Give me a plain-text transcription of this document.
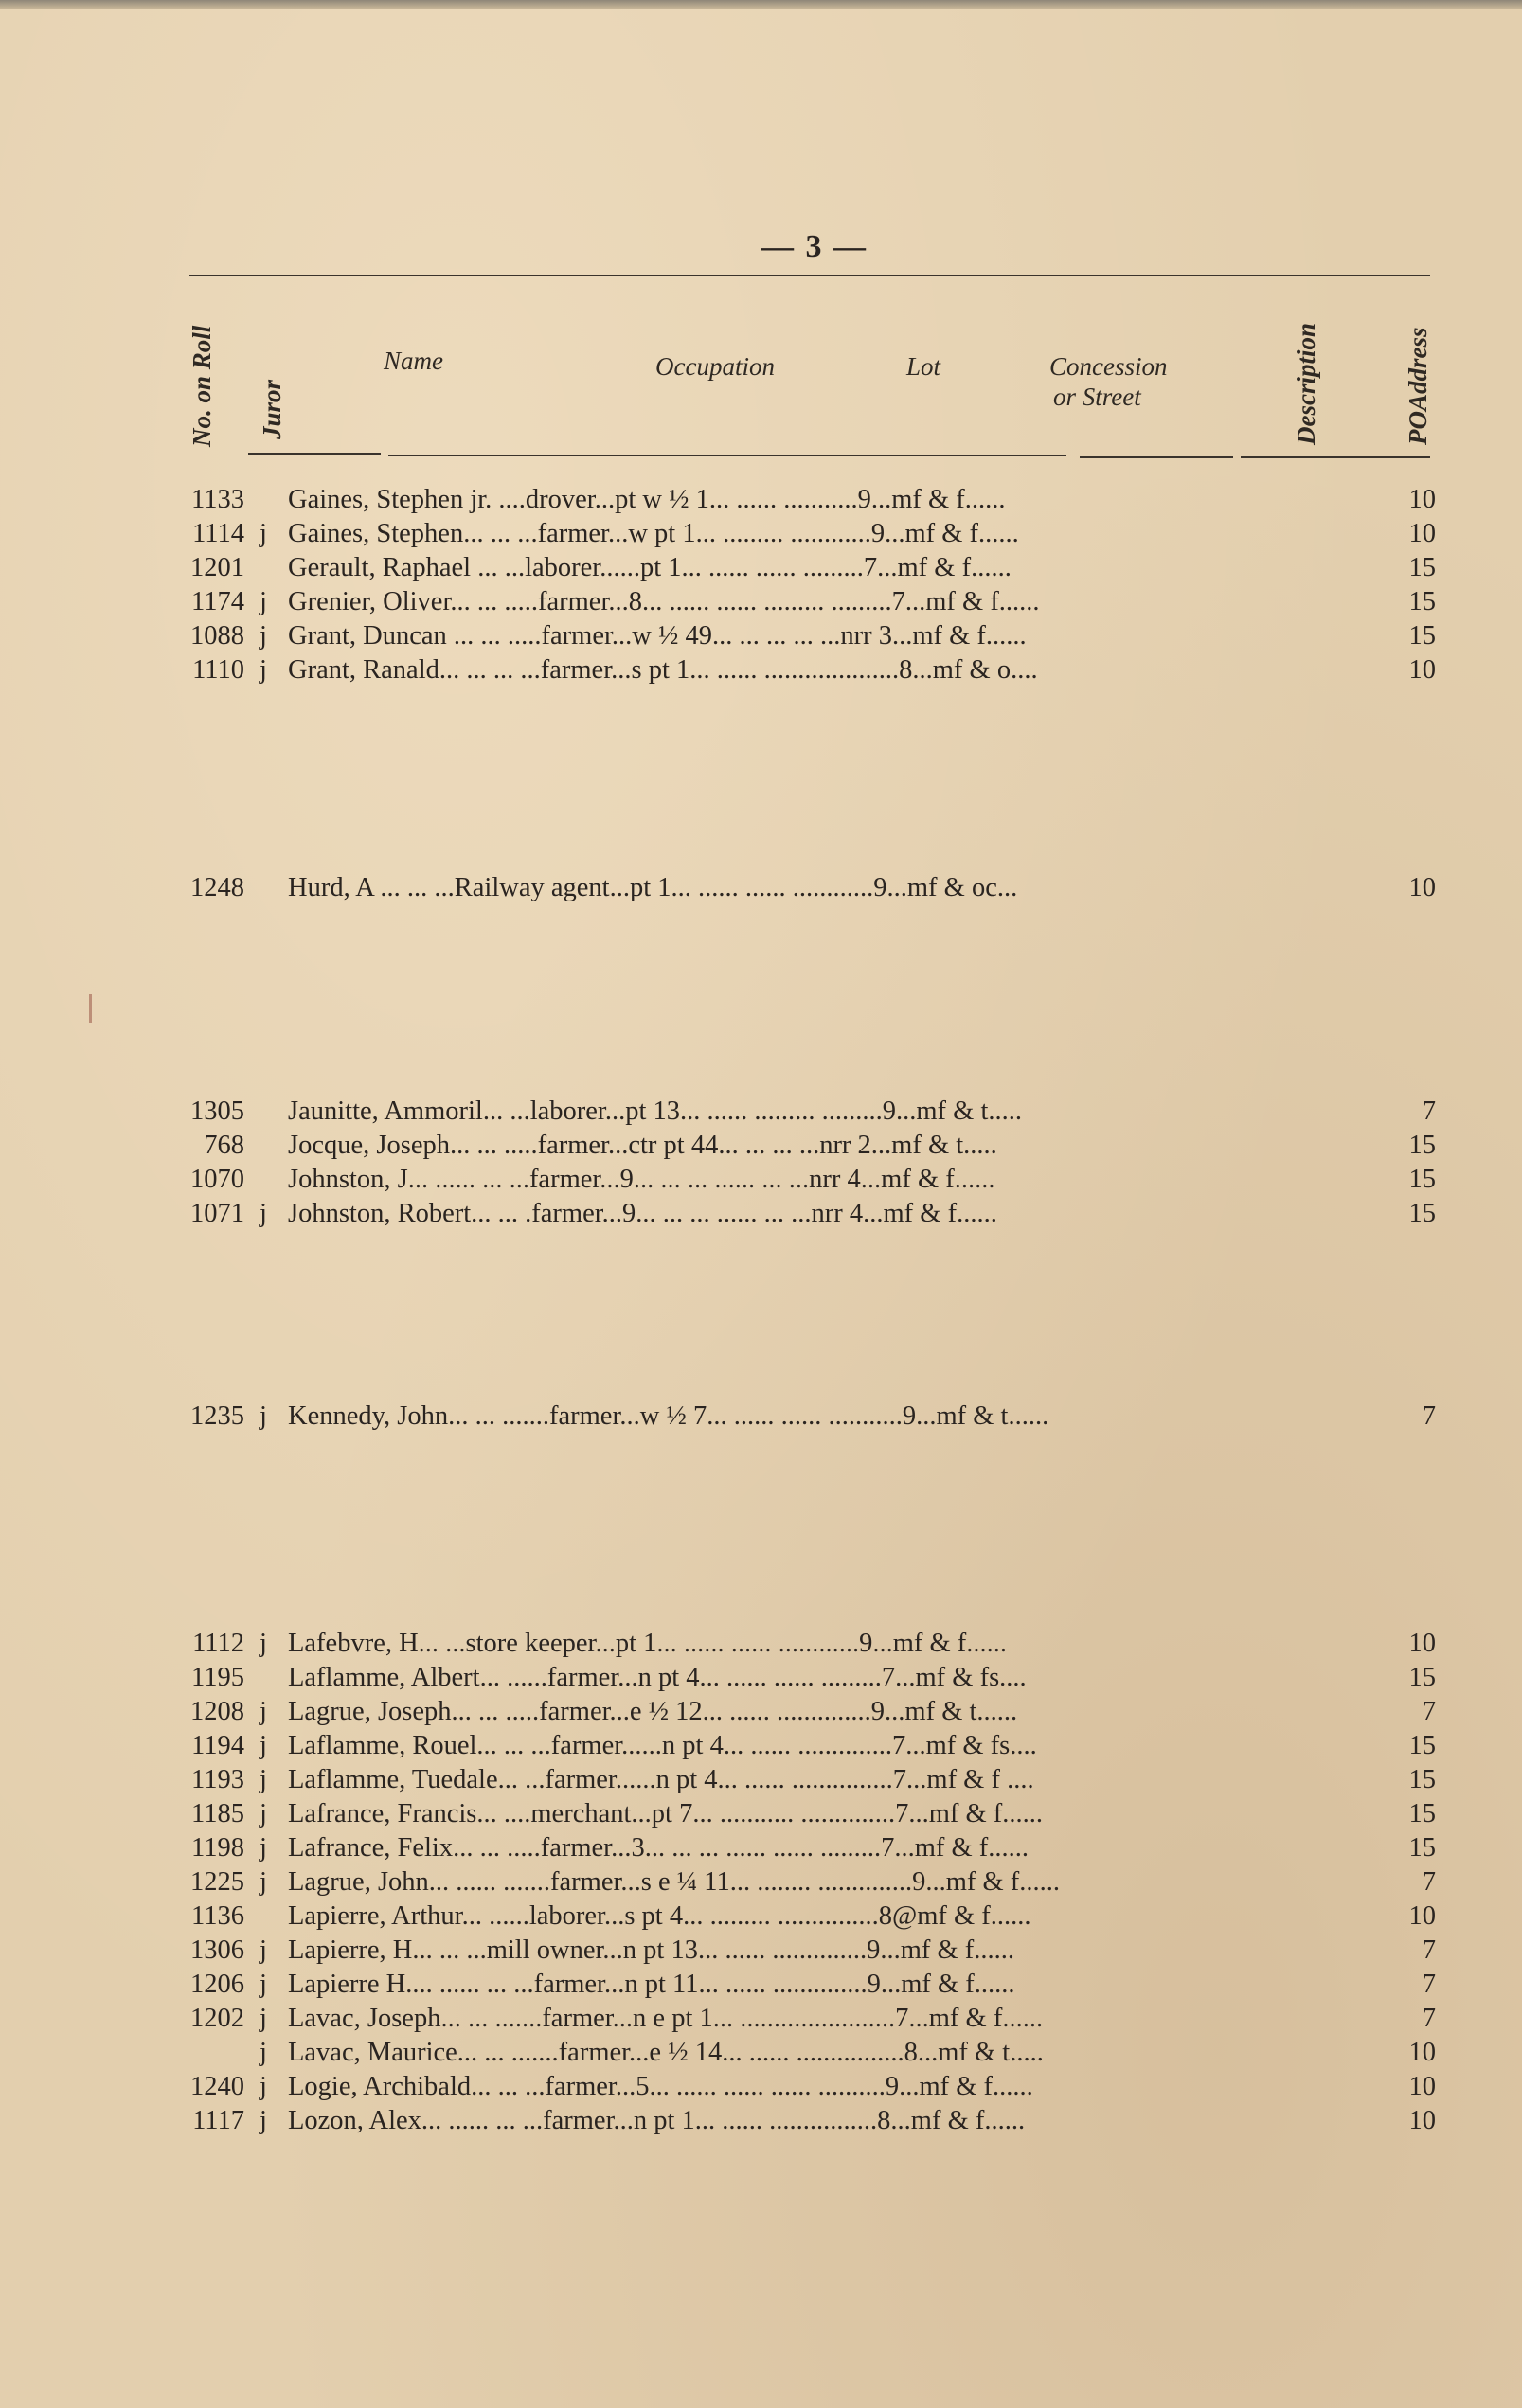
— 3 —
No. on Roll Juror
Name	Occupation	Lot	Concession
or Street	Description	POAddress
1133 Gaines, Stephen jr. ....drover...pt w ½ 1... ...... ...........9...mf & f......	10
1114 j Gaines, Stephen... ... ...farmer...w pt 1... ......... ............9...mf & f......	10
1201 Gerault, Raphael ... ...laborer......pt 1... ...... ...... .........7...mf & f......	15
1174 j Grenier, Oliver... ... .....farmer...8... ...... ...... ......... .........7...mf & f......	15
1088 j Grant, Duncan ... ... .....farmer...w ½ 49... ... ... ... ...nrr 3...mf & f......	15
1110 j Grant, Ranald... ... ... ...farmer...s pt 1... ...... ....................8...mf & o....	10
1248 Hurd, A ... ... ...Railway agent...pt 1... ...... ...... ............9...mf & oc...	10
1305 Jaunitte, Ammoril... ...laborer...pt 13... ...... ......... .........9...mf & t.....	7
768 Jocque, Joseph... ... .....farmer...ctr pt 44... ... ... ...nrr 2...mf & t.....	15
1070 Johnston, J... ...... ... ...farmer...9... ... ... ...... ... ...nrr 4...mf & f......	15
1071 j Johnston, Robert... ... .farmer...9... ... ... ...... ... ...nrr 4...mf & f......	15
1235 j Kennedy, John... ... .......farmer...w ½ 7... ...... ...... ...........9...mf & t......	7
1112 j Lafebvre, H... ...store keeper...pt 1... ...... ...... ............9...mf & f......	10
1195 Laflamme, Albert... ......farmer...n pt 4... ...... ...... .........7...mf & fs....	15
1208 j Lagrue, Joseph... ... .....farmer...e ½ 12... ...... ..............9...mf & t......	7
1194 j Laflamme, Rouel... ... ...farmer......n pt 4... ...... ..............7...mf & fs....	15
1193 j Laflamme, Tuedale... ...farmer......n pt 4... ...... ...............7...mf & f ....	15
1185 j Lafrance, Francis... ....merchant...pt 7... ........... ..............7...mf & f......	15
1198 j Lafrance, Felix... ... .....farmer...3... ... ... ...... ...... .........7...mf & f......	15
1225 j Lagrue, John... ...... .......farmer...s e ¼ 11... ........ ..............9...mf & f......	7
1136 Lapierre, Arthur... ......laborer...s pt 4... ......... ...............8@mf & f......	10
1306 j Lapierre, H... ... ...mill owner...n pt 13... ...... ..............9...mf & f......	7
1206 j Lapierre H.... ...... ... ...farmer...n pt 11... ...... ..............9...mf & f......	7
1202 j Lavac, Joseph... ... .......farmer...n e pt 1... .......................7...mf & f......	7
j Lavac, Maurice... ... .......farmer...e ½ 14... ...... ................8...mf & t.....	10
1240 j Logie, Archibald... ... ...farmer...5... ...... ...... ...... ..........9...mf & f......	10
1117 j Lozon, Alex... ...... ... ...farmer...n pt 1... ...... ................8...mf & f......	10
